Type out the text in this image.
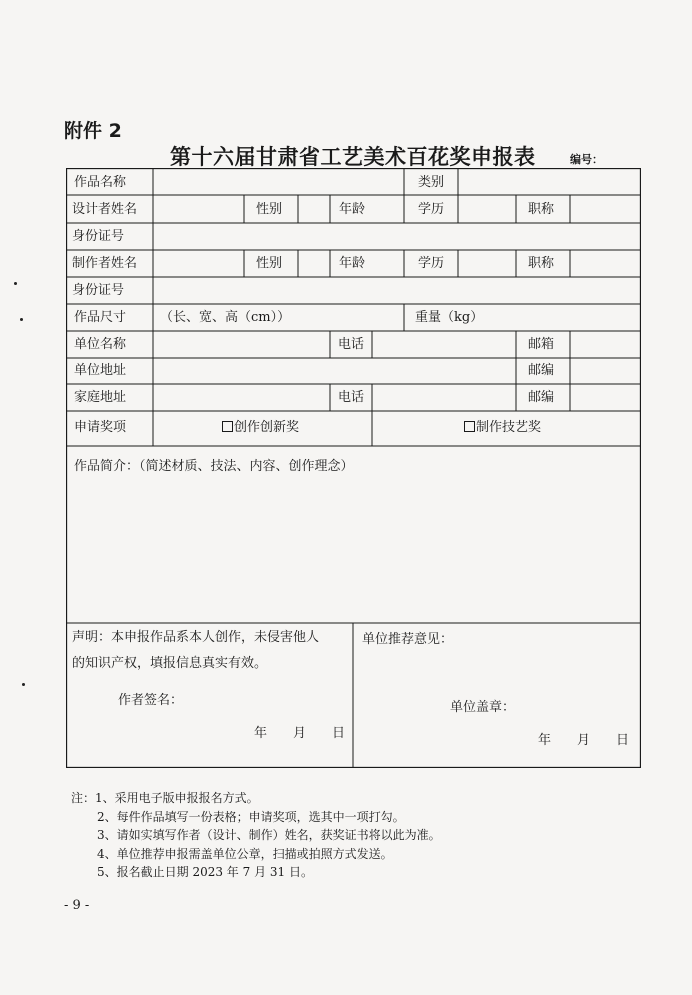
附件 2
第十六届甘肃省工艺美术百花奖申报表	编号：
作品名称	类别
设计者姓名	性别	年龄	学历	职称
身份证号
制作者姓名	性别	年龄	学历	职称
身份证号
作品尺寸	（长、宽、高（cm））	重量（kg）
单位名称	电话	邮箱
单位地址	邮编
家庭地址	电话	邮编
申请奖项	创作创新奖	制作技艺奖
作品简介：（简述材质、技法、内容、创作理念）
声明：本申报作品系本人创作，未侵害他人
的知识产权，填报信息真实有效。
作者签名：
年　　月　　日
单位推荐意见：
单位盖章：
年　　月　　日
注：1、采用电子版申报报名方式。
2、每件作品填写一份表格；申请奖项，选其中一项打勾。
3、请如实填写作者（设计、制作）姓名，获奖证书将以此为准。
4、单位推荐申报需盖单位公章，扫描或拍照方式发送。
5、报名截止日期 2023 年 7 月 31 日。
- 9 -
